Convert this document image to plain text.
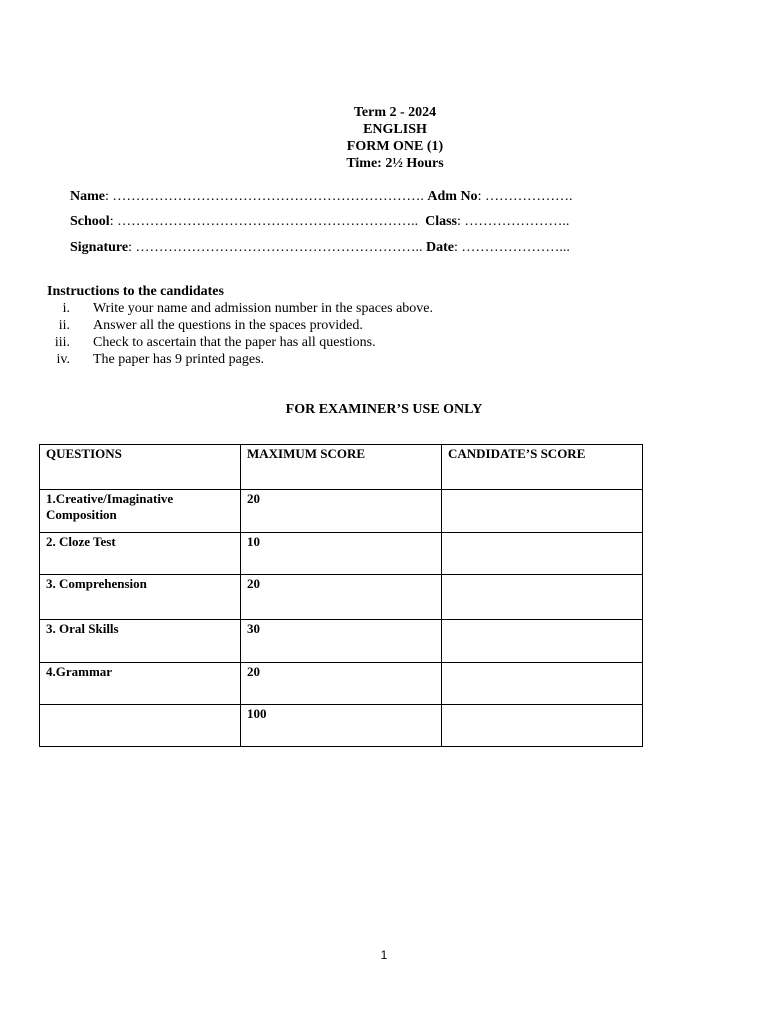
Term 2 - 2024
ENGLISH
FORM ONE (1)
Time: 2½ Hours
Name: …………………………………………………………. Adm No: ……………….
School: ……………………………………………………….. Class: …………………..
Signature: …………………………………………………….. Date: …………………...
Instructions to the candidates
i. Write your name and admission number in the spaces above.
ii. Answer all the questions in the spaces provided.
iii. Check to ascertain that the paper has all questions.
iv. The paper has 9 printed pages.
FOR EXAMINER’S USE ONLY
QUESTIONS	MAXIMUM SCORE	CANDIDATE’S SCORE
1.Creative/Imaginative Composition	20	
2. Cloze Test	10	
3. Comprehension	20	
3. Oral Skills	30	
4.Grammar	20	
	100	
1
